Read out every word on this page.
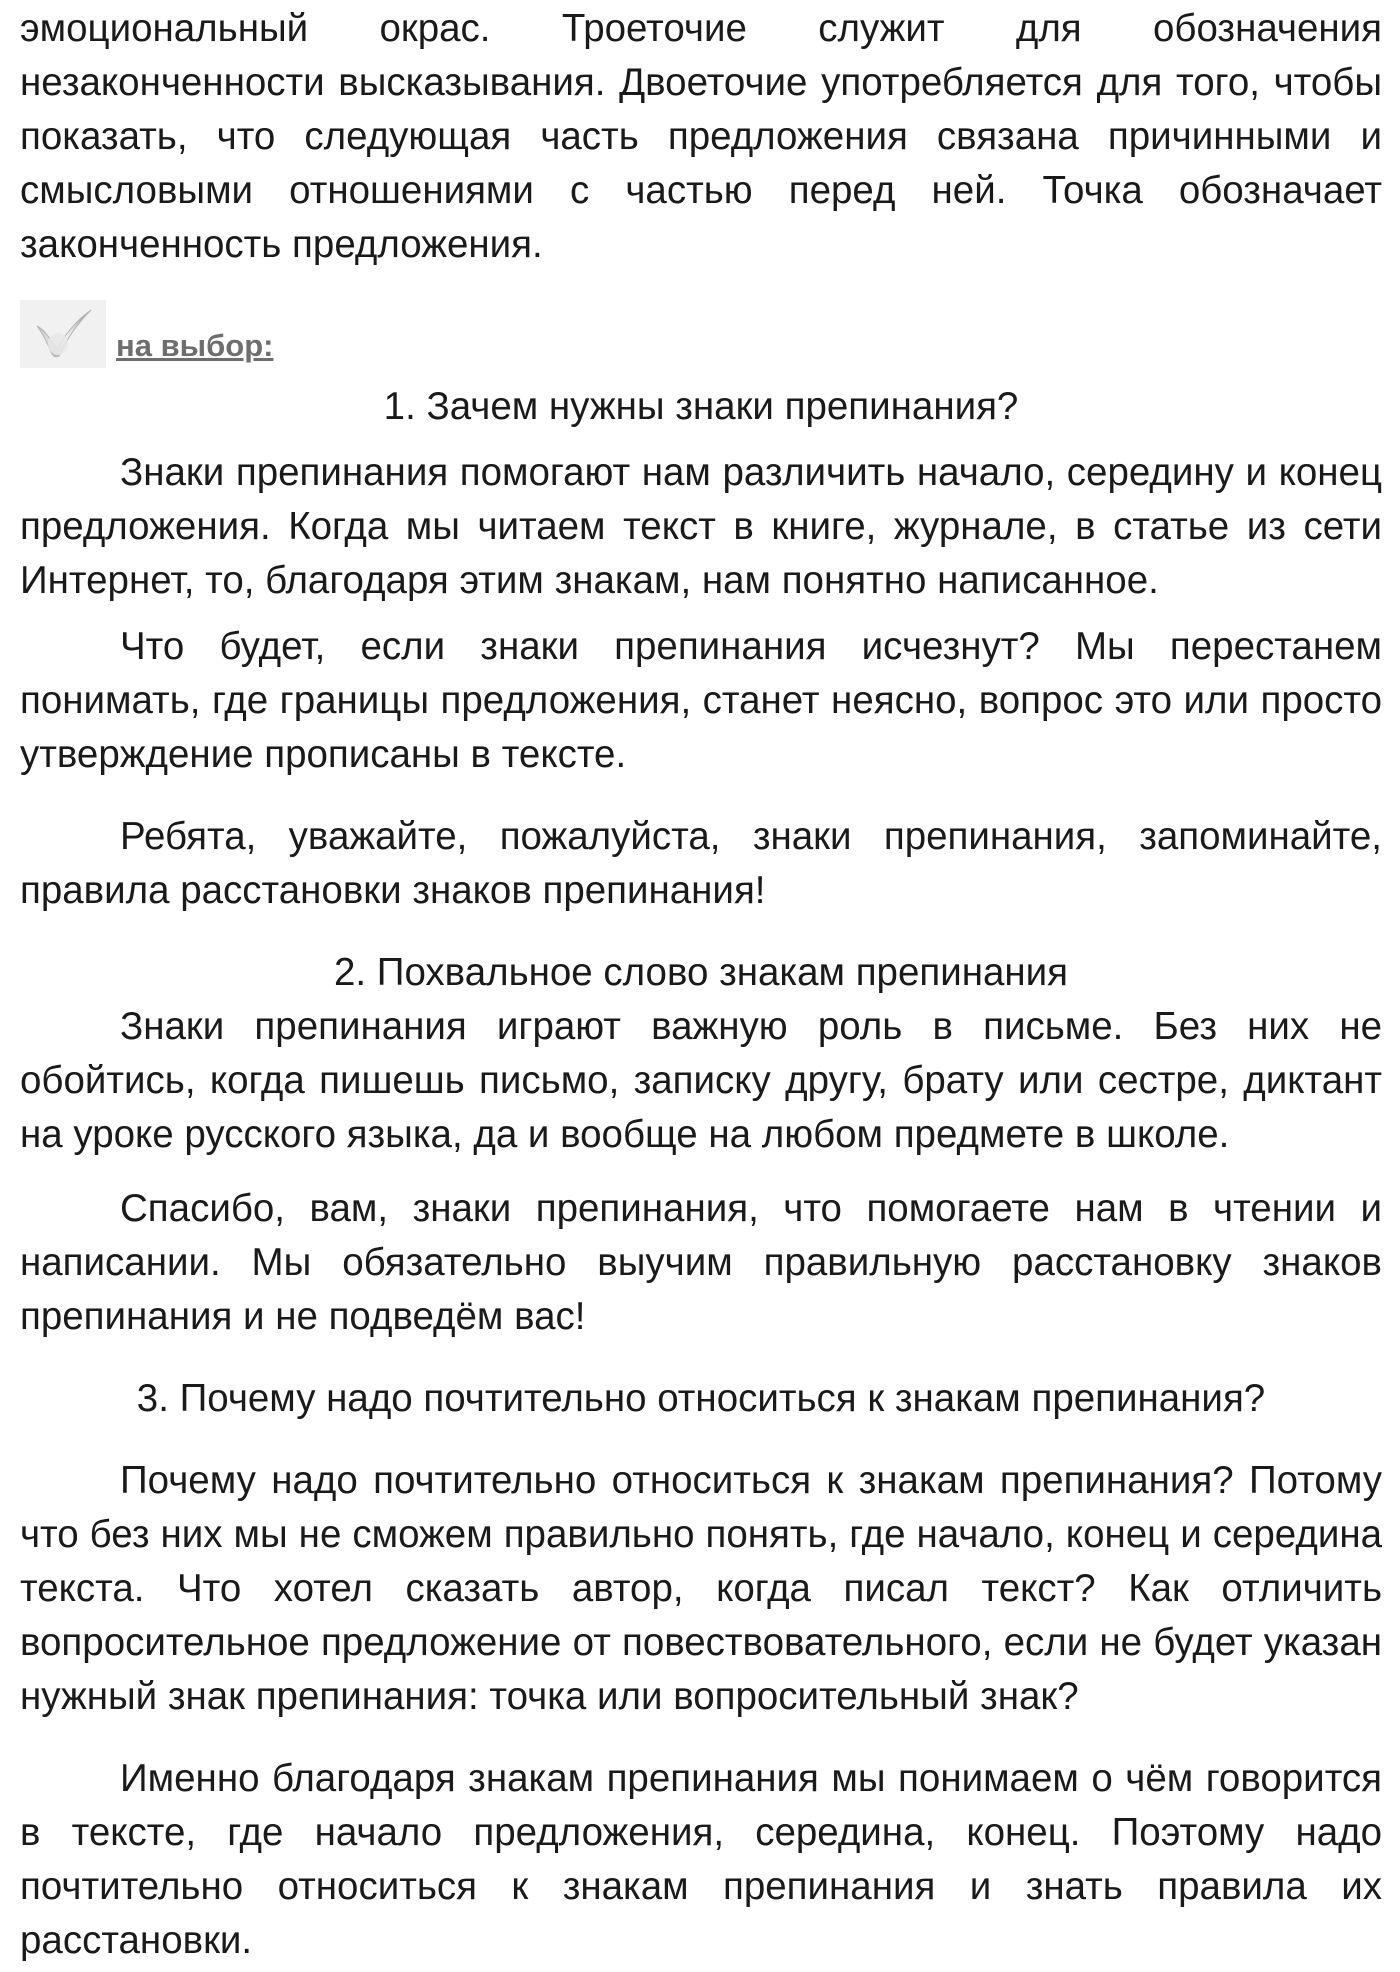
эмоциональный окрас. Троеточие служит для обозначения незаконченности высказывания. Двоеточие употребляется для того, чтобы показать, что следующая часть предложения связана причинными и смысловыми отношениями с частью перед ней. Точка обозначает законченность предложения.

на выбор:

1. Зачем нужны знаки препинания?

Знаки препинания помогают нам различить начало, середину и конец предложения. Когда мы читаем текст в книге, журнале, в статье из сети Интернет, то, благодаря этим знакам, нам понятно написанное.

Что будет, если знаки препинания исчезнут? Мы перестанем понимать, где границы предложения, станет неясно, вопрос это или просто утверждение прописаны в тексте.

Ребята, уважайте, пожалуйста, знаки препинания, запоминайте, правила расстановки знаков препинания!

2. Похвальное слово знакам препинания

Знаки препинания играют важную роль в письме. Без них не обойтись, когда пишешь письмо, записку другу, брату или сестре, диктант на уроке русского языка, да и вообще на любом предмете в школе.

Спасибо, вам, знаки препинания, что помогаете нам в чтении и написании. Мы обязательно выучим правильную расстановку знаков препинания и не подведём вас!

3. Почему надо почтительно относиться к знакам препинания?

Почему надо почтительно относиться к знакам препинания? Потому что без них мы не сможем правильно понять, где начало, конец и середина текста. Что хотел сказать автор, когда писал текст? Как отличить вопросительное предложение от повествовательного, если не будет указан нужный знак препинания: точка или вопросительный знак?

Именно благодаря знакам препинания мы понимаем о чём говорится в тексте, где начало предложения, середина, конец. Поэтому надо почтительно относиться к знакам препинания и знать правила их расстановки.
